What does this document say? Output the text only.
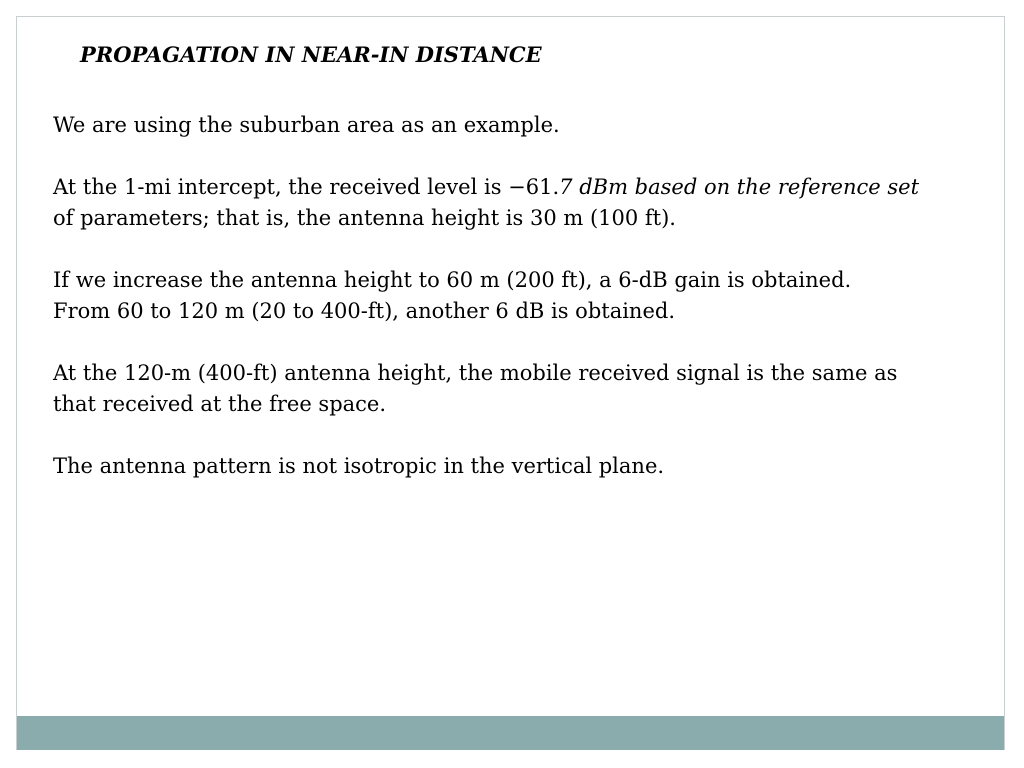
PROPAGATION IN NEAR-IN DISTANCE

We are using the suburban area as an example.

At the 1-mi intercept, the received level is −61.7 dBm based on the reference set
of parameters; that is, the antenna height is 30 m (100 ft).

If we increase the antenna height to 60 m (200 ft), a 6-dB gain is obtained.
From 60 to 120 m (20 to 400-ft), another 6 dB is obtained.

At the 120-m (400-ft) antenna height, the mobile received signal is the same as
that received at the free space.

The antenna pattern is not isotropic in the vertical plane.
